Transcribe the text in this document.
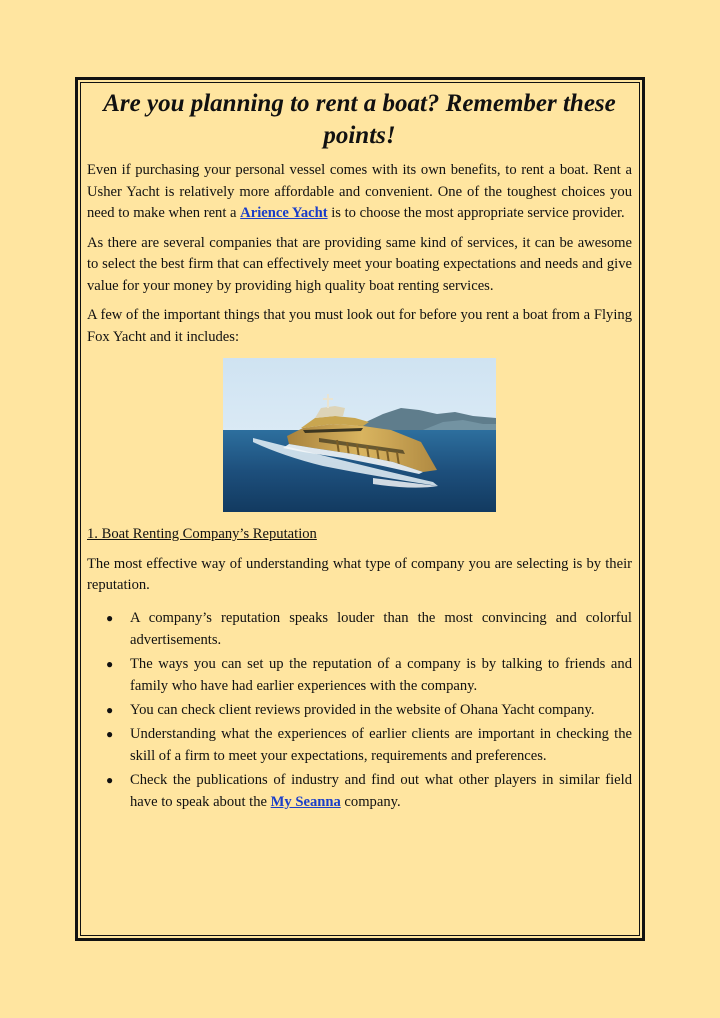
Are you planning to rent a boat? Remember these points!

Even if purchasing your personal vessel comes with its own benefits, to rent a boat. Rent a Usher Yacht is relatively more affordable and convenient. One of the toughest choices you need to make when rent a Arience Yacht is to choose the most appropriate service provider.

As there are several companies that are providing same kind of services, it can be awesome to select the best firm that can effectively meet your boating expectations and needs and give value for your money by providing high quality boat renting services.

A few of the important things that you must look out for before you rent a boat from a Flying Fox Yacht and it includes:

1. Boat Renting Company’s Reputation

The most effective way of understanding what type of company you are selecting is by their reputation.

● A company’s reputation speaks louder than the most convincing and colorful advertisements.
● The ways you can set up the reputation of a company is by talking to friends and family who have had earlier experiences with the company.
● You can check client reviews provided in the website of Ohana Yacht company.
● Understanding what the experiences of earlier clients are important in checking the skill of a firm to meet your expectations, requirements and preferences.
● Check the publications of industry and find out what other players in similar field have to speak about the My Seanna company.
